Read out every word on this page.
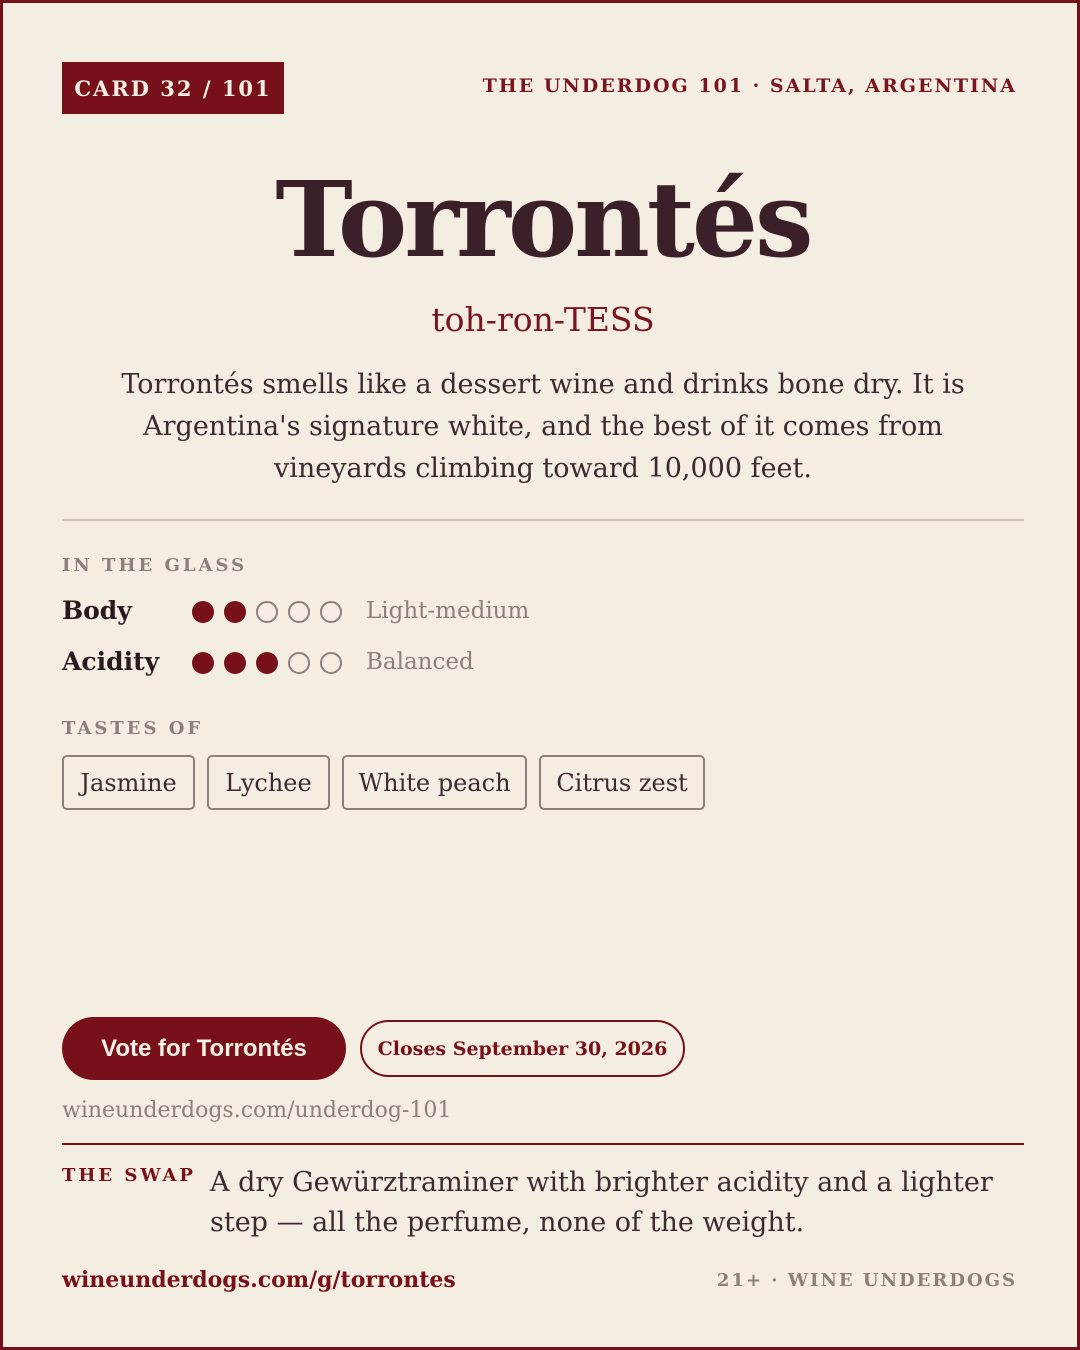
CARD 32 / 101	THE UNDERDOG 101 · SALTA, ARGENTINA
Torrontés
toh-ron-TESS

Torrontés smells like a dessert wine and drinks bone dry. It is Argentina's signature white, and the best of it comes from vineyards climbing toward 10,000 feet.

IN THE GLASS
Body	Light-medium
Acidity	Balanced
TASTES OF
Jasmine	Lychee	White peach	Citrus zest
Vote for Torrontés	Closes September 30, 2026
wineunderdogs.com/underdog-101
THE SWAP A dry Gewürztraminer with brighter acidity and a lighter step — all the perfume, none of the weight.

wineunderdogs.com/g/torrontes	21+ · WINE UNDERDOGS
